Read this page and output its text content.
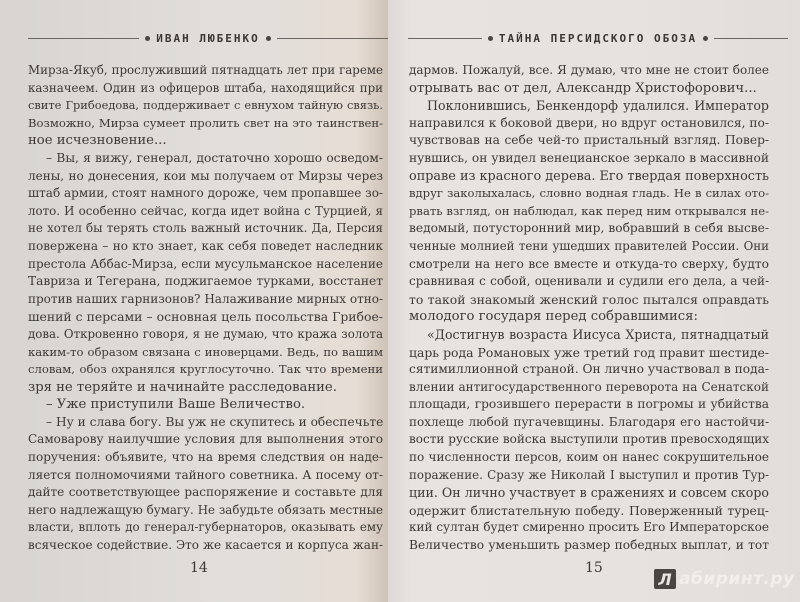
ИВАН ЛЮБЕНКО
Мирза-Якуб, прослуживший пятнадцать лет при гареме
казначеем. Один из офицеров штаба, находящийся при
свите Грибоедова, поддерживает с евнухом тайную связь.
Возможно, Мирза сумеет пролить свет на это таинствен-
ное исчезновение...
– Вы, я вижу, генерал, достаточно хорошо осведом-
лены, но донесения, кои мы получаем от Мирзы через
штаб армии, стоят намного дороже, чем пропавшее зо-
лото. И особенно сейчас, когда идет война с Турцией, я
не хотел бы терять столь важный источник. Да, Персия
повержена – но кто знает, как себя поведет наследник
престола Аббас-Мирза, если мусульманское население
Тавриза и Тегерана, поджигаемое турками, восстанет
против наших гарнизонов? Налаживание мирных отно-
шений с персами – основная цель посольства Грибое-
дова. Откровенно говоря, я не думаю, что кража золота
каким-то образом связана с иноверцами. Ведь, по вашим
словам, обоз охранялся круглосуточно. Так что времени
зря не теряйте и начинайте расследование.
– Уже приступили Ваше Величество.
– Ну и слава богу. Вы уж не скупитесь и обеспечьте
Самоварову наилучшие условия для выполнения этого
поручения: объявите, что на время следствия он наде-
ляется полномочиями тайного советника. А посему от-
дайте соответствующее распоряжение и составьте для
него надлежащую бумагу. Не забудьте обязать местные
власти, вплоть до генерал-губернаторов, оказывать ему
всяческое содействие. Это же касается и корпуса жан-
14
ТАЙНА ПЕРСИДСКОГО ОБОЗА
дармов. Пожалуй, все. Я думаю, что мне не стоит более
отрывать вас от дел, Александр Христофорович...
Поклонившись, Бенкендорф удалился. Император
направился к боковой двери, но вдруг остановился, по-
чувствовав на себе чей-то пристальный взгляд. Повер-
нувшись, он увидел венецианское зеркало в массивной
оправе из красного дерева. Его твердая поверхность
вдруг заколыхалась, словно водная гладь. Не в силах ото-
рвать взгляд, он наблюдал, как перед ним открывался не-
ведомый, потусторонний мир, вобравший в себя высве-
ченные молнией тени ушедших правителей России. Они
смотрели на него все вместе и откуда-то сверху, будто
сравнивая с собой, оценивали и судили его дела, а чей-
то такой знакомый женский голос пытался оправдать
молодого государя перед собравшимися:
«Достигнув возраста Иисуса Христа, пятнадцатый
царь рода Романовых уже третий год правит шестиде-
сятимиллионной страной. Он лично участвовал в пода-
влении антигосударственного переворота на Сенатской
площади, грозившего перерасти в погромы и убийства
похлеще любой пугачевщины. Благодаря его настойчи-
вости русские войска выступили против превосходящих
по численности персов, коим он нанес сокрушительное
поражение. Сразу же Николай I выступил и против Тур-
ции. Он лично участвует в сражениях и совсем скоро
одержит блистательную победу. Поверженный турец-
кий султан будет смиренно просить Его Императорское
Величество уменьшить размер победных выплат, и тот
15
Л абиринт.ру
